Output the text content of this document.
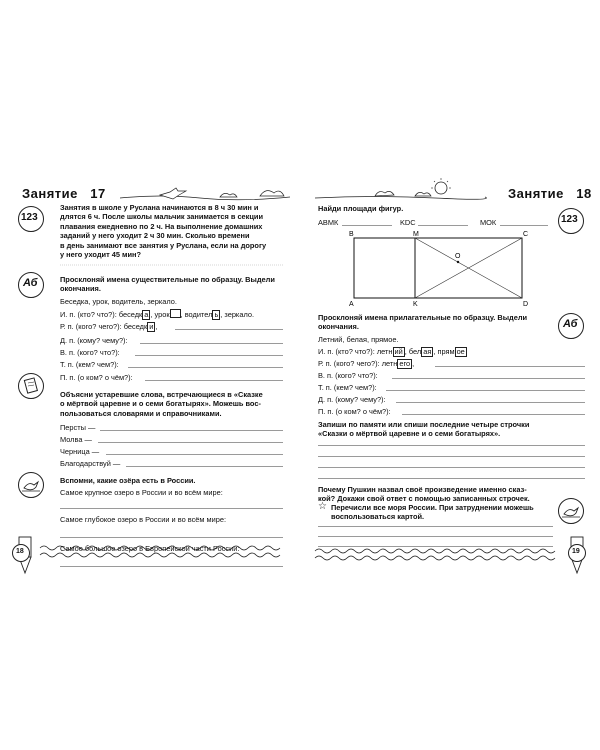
Занятие 17
123
Занятия в школе у Руслана начинаются в 8 ч 30 мин и
длятся 6 ч. После школы мальчик занимается в секции
плавания ежедневно по 2 ч. На выполнение домашних
заданий у него уходит 2 ч 30 мин. Сколько времени
в день занимают все занятия у Руслана, если на дорогу
у него уходит 45 мин?
Аб	Просклоняй имена существительные по образцу. Выдели
окончания.
Беседка, урок, водитель, зеркало.
И. п. (кто? что?): беседк а , урок , водител ь , зеркало.
Р. п. (кого? чего?): беседк и ,
Д. п. (кому? чему?):
В. п. (кого? что?):
Т. п. (кем? чем?):
П. п. (о ком? о чём?):
Объясни устаревшие слова, встречающиеся в «Сказке
о мёртвой царевне и о семи богатырях». Можешь вос-
пользоваться словарями и справочниками.
Персты —
Молва —
Черница —
Благодарствуй —
Вспомни, какие озёра есть в России.
Самое крупное озеро в России и во всём мире:
Самое глубокое озеро в России и во всём мире:
Самое большое озеро в Европейской части России:
18
Занятие 18
Найди площади фигур.
АВМК	KDC	МОК	123
B	M	C
A	K	D
O
Просклоняй имена прилагательные по образцу. Выдели
окончания.	Аб
Летний, белая, прямое.
И. п. (кто? что?): летн ий , бел ая , прям ое
Р. п. (кого? чего?): летн его ,
В. п. (кого? что?):
Т. п. (кем? чем?):
Д. п. (кому? чему?):
П. п. (о ком? о чём?):
Запиши по памяти или спиши последние четыре строчки
«Сказки о мёртвой царевне и о семи богатырях».
Почему Пушкин назвал своё произведение именно сказ-
кой? Докажи свой ответ с помощью записанных строчек.
☆ Перечисли все моря России. При затруднении можешь
воспользоваться картой.
19
